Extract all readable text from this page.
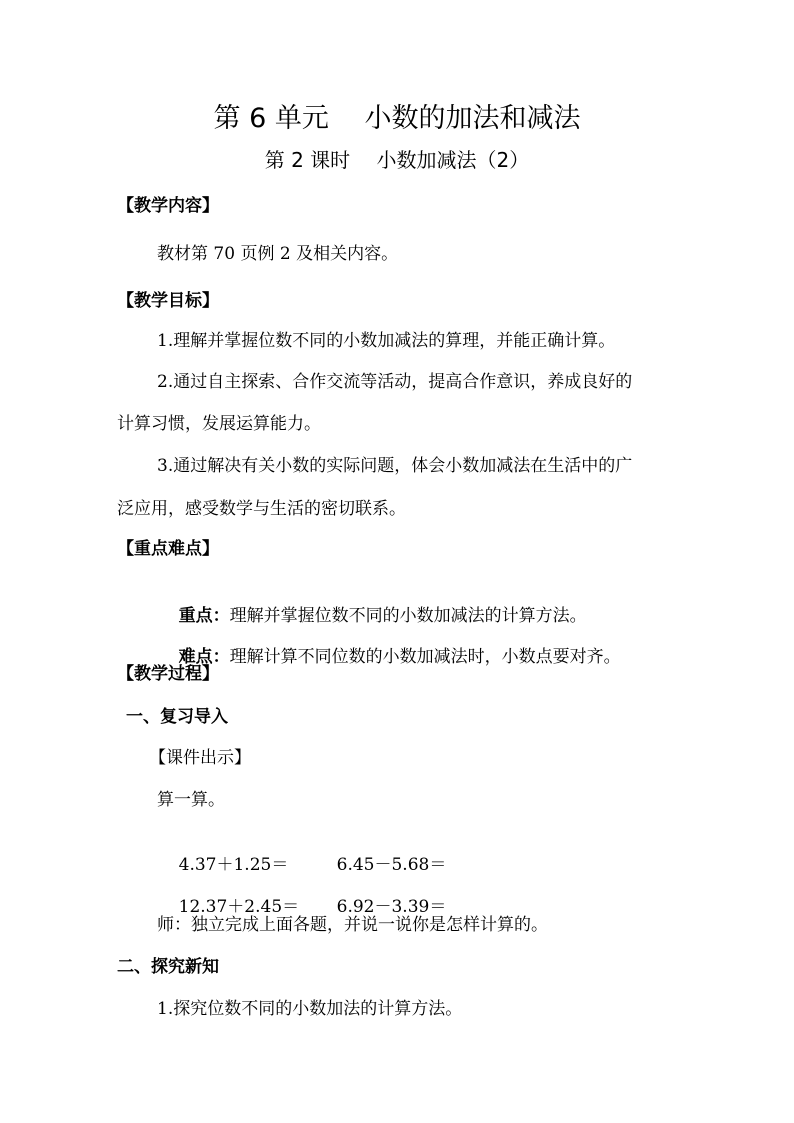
第 6 单元　 小数的加法和减法
第 2 课时　 小数加减法（2）
【教学内容】
教材第 70 页例 2 及相关内容。
【教学目标】
1.理解并掌握位数不同的小数加减法的算理，并能正确计算。
2.通过自主探索、合作交流等活动，提高合作意识，养成良好的
计算习惯，发展运算能力。
3.通过解决有关小数的实际问题，体会小数加减法在生活中的广
泛应用，感受数学与生活的密切联系。
【重点难点】

重点：理解并掌握位数不同的小数加减法的计算方法。

难点：理解计算不同位数的小数加减法时，小数点要对齐。

【教学过程】
一、复习导入
【课件出示】
算一算。

4.37＋1.25＝	6.45－5.68＝

12.37＋2.45＝ 6.92－3.39＝

师：独立完成上面各题，并说一说你是怎样计算的。
二、探究新知
1.探究位数不同的小数加法的计算方法。
